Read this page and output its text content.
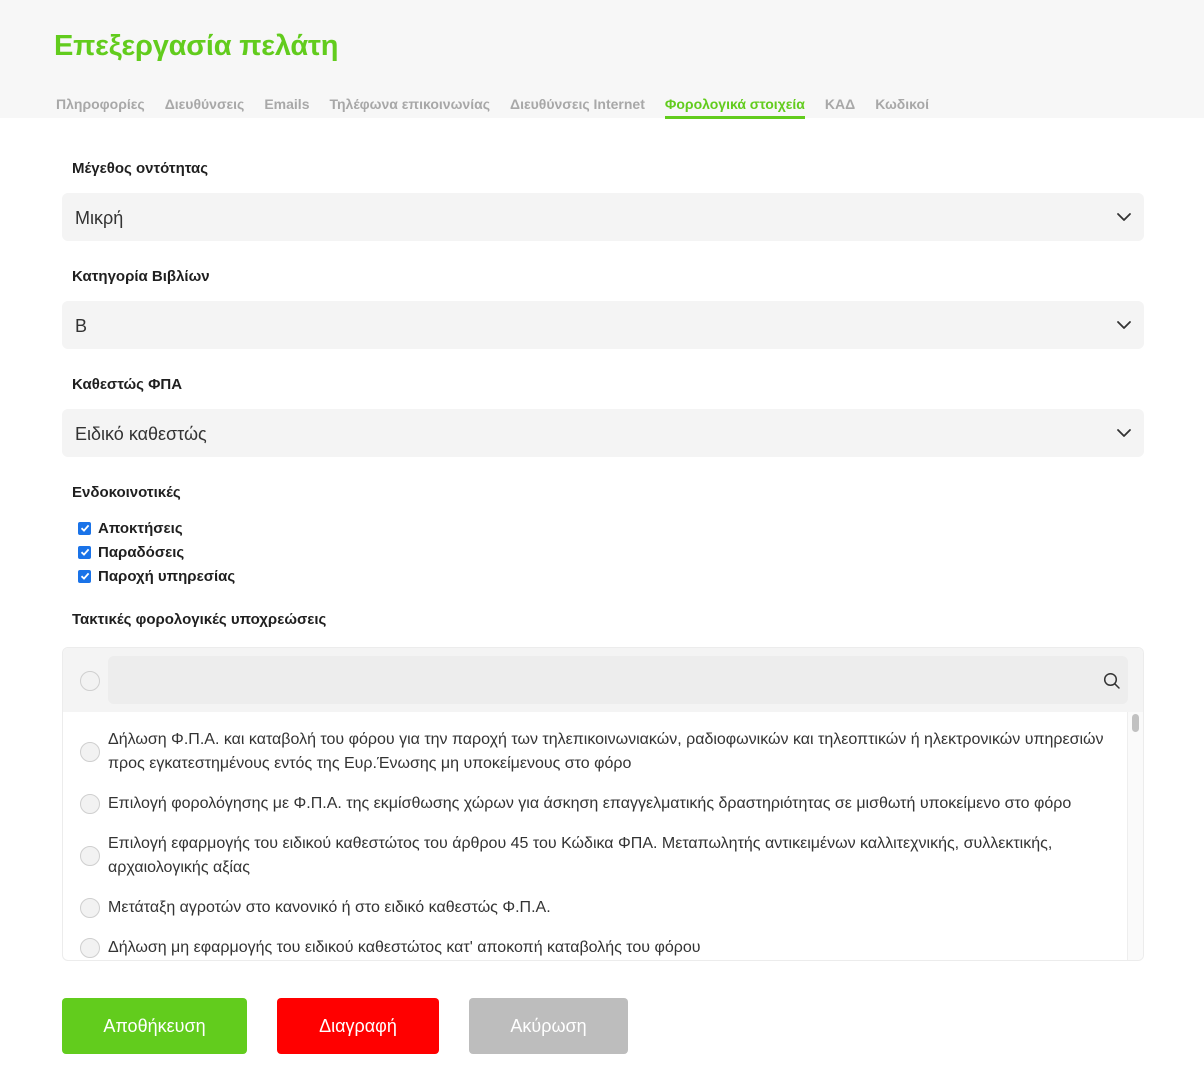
Επεξεργασία πελάτη
Πληροφορίες Διευθύνσεις Emails Τηλέφωνα επικοινωνίας Διευθύνσεις Internet Φορολογικά στοιχεία ΚΑΔ Κωδικοί
Μέγεθος οντότητας
Μικρή
Κατηγορία Βιβλίων
Β
Καθεστώς ΦΠΑ
Ειδικό καθεστώς
Ενδοκοινοτικές
Αποκτήσεις
Παραδόσεις
Παροχή υπηρεσίας
Τακτικές φορολογικές υποχρεώσεις
Δήλωση Φ.Π.Α. και καταβολή του φόρου για την παροχή των τηλεπικοινωνιακών, ραδιοφωνικών και τηλεοπτικών ή ηλεκτρονικών υπηρεσιών προς εγκατεστημένους εντός της Ευρ.Ένωσης μη υποκείμενους στο φόρο
Επιλογή φορολόγησης με Φ.Π.Α. της εκμίσθωσης χώρων για άσκηση επαγγελματικής δραστηριότητας σε μισθωτή υποκείμενο στο φόρο
Επιλογή εφαρμογής του ειδικού καθεστώτος του άρθρου 45 του Κώδικα ΦΠΑ. Μεταπωλητής αντικειμένων καλλιτεχνικής, συλλεκτικής, αρχαιολογικής αξίας
Μετάταξη αγροτών στο κανονικό ή στο ειδικό καθεστώς Φ.Π.Α.
Δήλωση μη εφαρμογής του ειδικού καθεστώτος κατ' αποκοπή καταβολής του φόρου
Αποθήκευση	Διαγραφή	Ακύρωση
